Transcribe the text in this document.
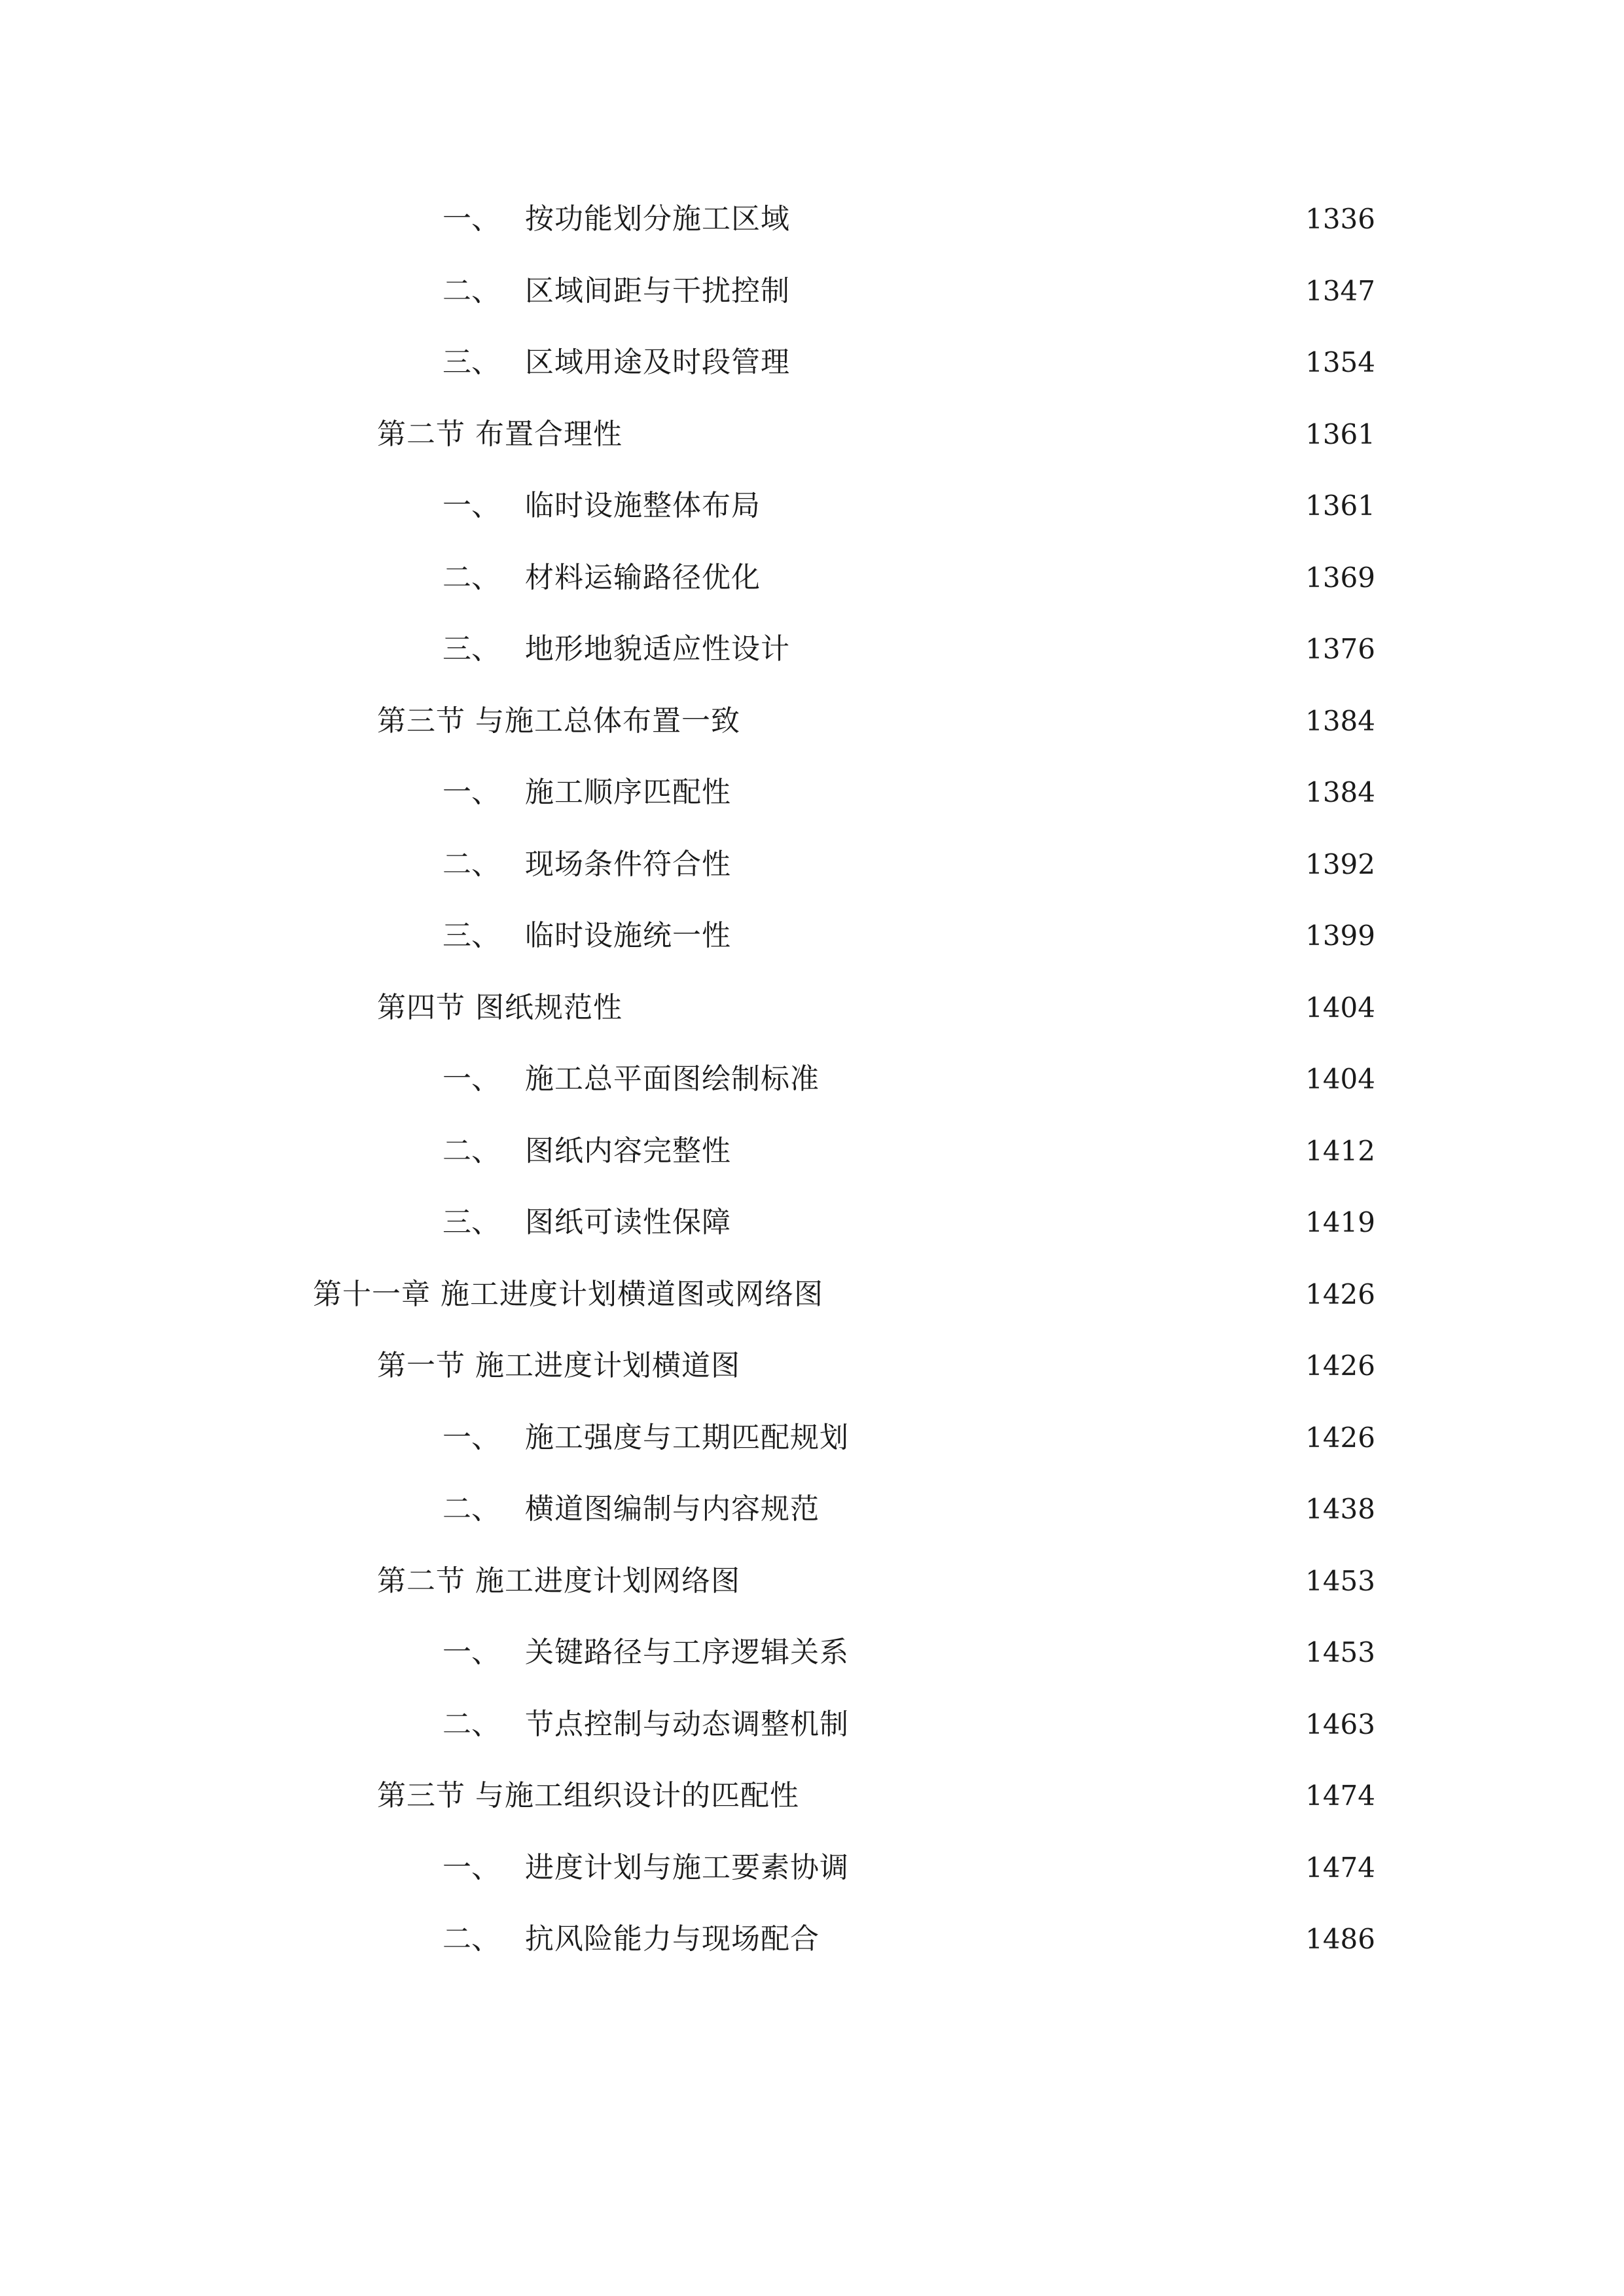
一、 按功能划分施工区域	1336
二、 区域间距与干扰控制	1347
三、 区域用途及时段管理	1354
第二节 布置合理性	1361
一、 临时设施整体布局	1361
二、 材料运输路径优化	1369
三、 地形地貌适应性设计	1376
第三节 与施工总体布置一致	1384
一、 施工顺序匹配性	1384
二、 现场条件符合性	1392
三、 临时设施统一性	1399
第四节 图纸规范性	1404
一、 施工总平面图绘制标准	1404
二、 图纸内容完整性	1412
三、 图纸可读性保障	1419
第十一章 施工进度计划横道图或网络图	1426
第一节 施工进度计划横道图	1426
一、 施工强度与工期匹配规划	1426
二、 横道图编制与内容规范	1438
第二节 施工进度计划网络图	1453
一、 关键路径与工序逻辑关系	1453
二、 节点控制与动态调整机制	1463
第三节 与施工组织设计的匹配性	1474
一、 进度计划与施工要素协调	1474
二、 抗风险能力与现场配合	1486
